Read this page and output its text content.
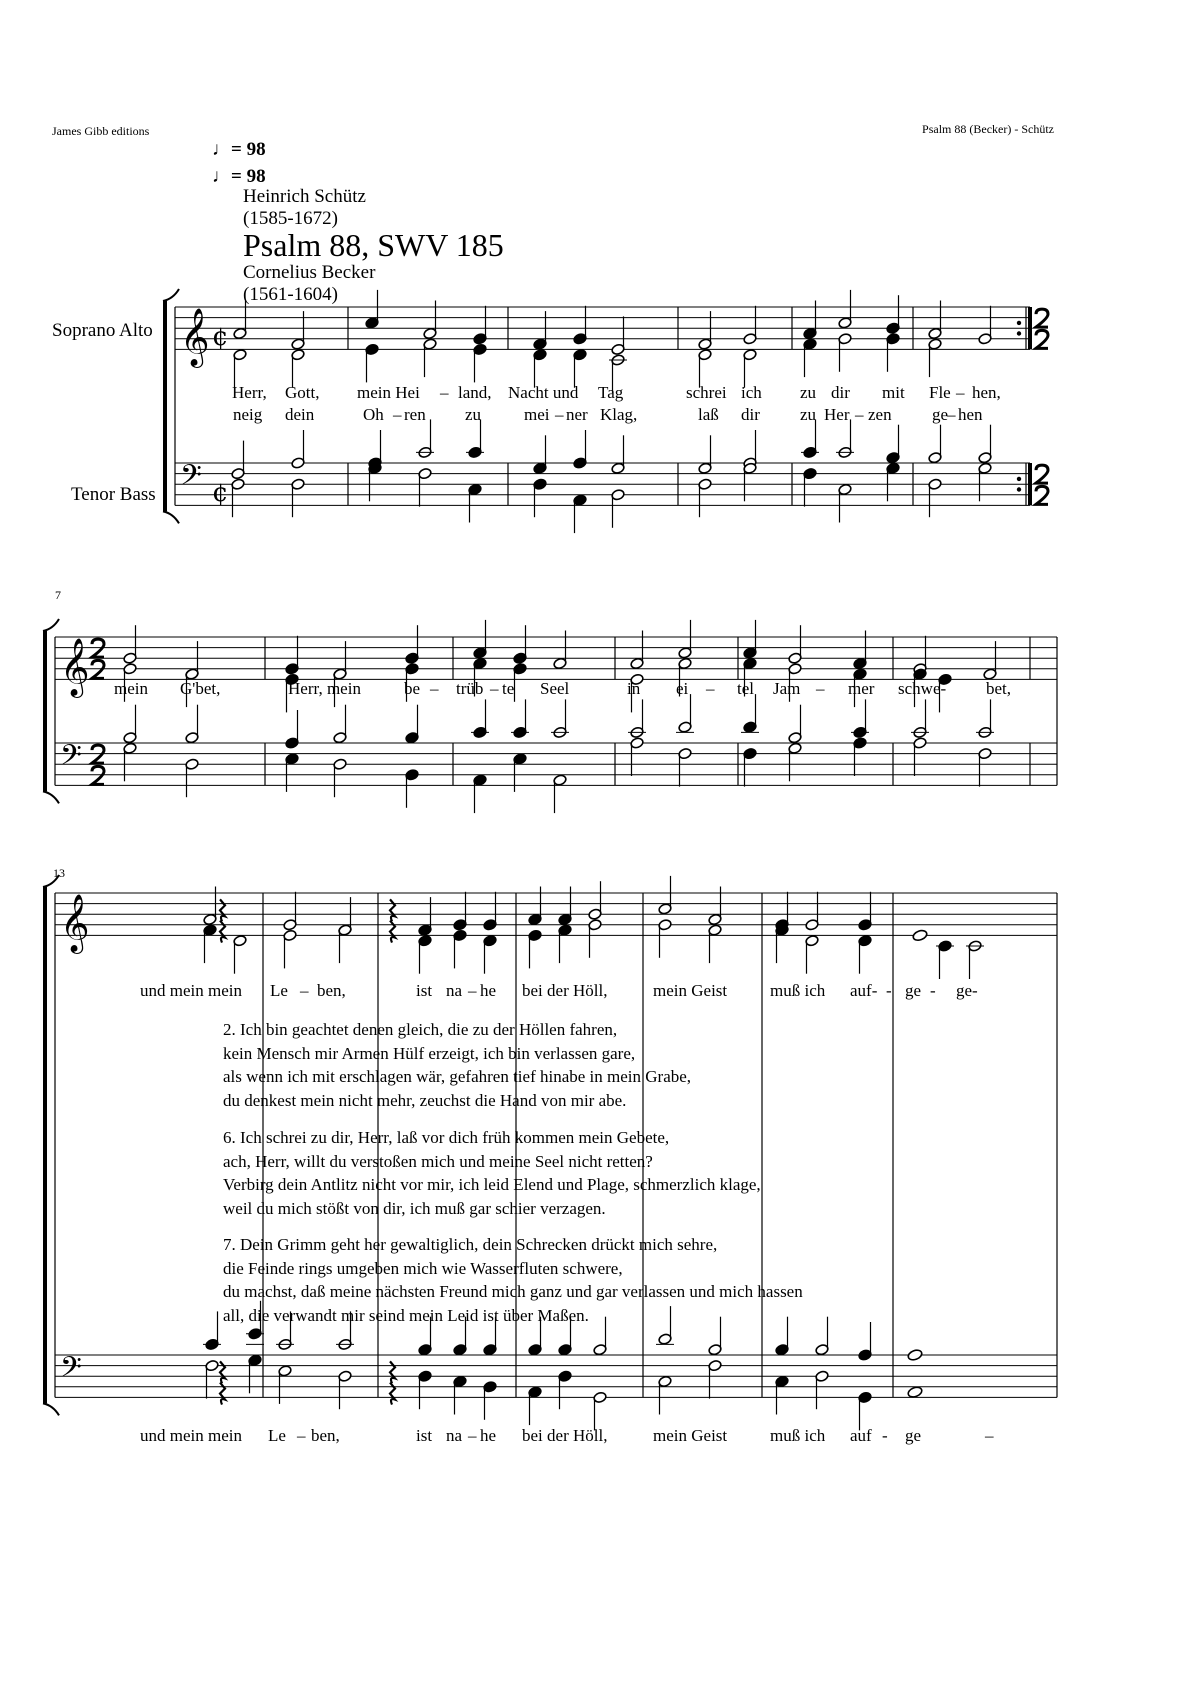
James Gibb editions	Psalm 88 (Becker) - Schütz
♩= 98
♩= 98
Heinrich Schütz
(1585-1672)
Psalm 88, SWV 185
Cornelius Becker
(1561-1604)
Soprano Alto
Tenor Bass
7
13
𝄞 ¢
𝄢 ¢
𝄞
𝄢
𝄞
𝄢
Herr, Gott, mein Hei – land, Nacht und Tag	schrei ich zu dir mit Fle – hen,
neig dein	Oh – ren zu	mei – ner Klag,	laß dir zu Her – zen ge
– hen
mein G'bet,	Herr, mein	be – trüb – te Seel	in ei – tel Jam – mer schwe- bet,
und mein mein Le – ben,	ist na – he bei der Höll,	mein Geist	muß ich auf- - ge - ge-
und mein mein Le – ben,	ist na – he bei der Höll,	mein Geist	muß ich auf - ge	–
2. Ich bin geachtet denen gleich, die zu der Höllen fahren,
kein Mensch mir Armen Hülf erzeigt, ich bin verlassen gare,
als wenn ich mit erschlagen wär, gefahren tief hinabe in mein Grabe,
du denkest mein nicht mehr, zeuchst die Hand von mir abe.
6. Ich schrei zu dir, Herr, laß vor dich früh kommen mein Gebete,
ach, Herr, willt du verstoßen mich und meine Seel nicht retten?
Verbirg dein Antlitz nicht vor mir, ich leid Elend und Plage, schmerzlich klage,
weil du mich stößt von dir, ich muß gar schier verzagen.
7. Dein Grimm geht her gewaltiglich, dein Schrecken drückt mich sehre,
die Feinde rings umgeben mich wie Wasserfluten schwere,
du machst, daß meine nächsten Freund mich ganz und gar verlassen und mich hassen
all, die verwandt mir seind mein Leid ist über Maßen.
